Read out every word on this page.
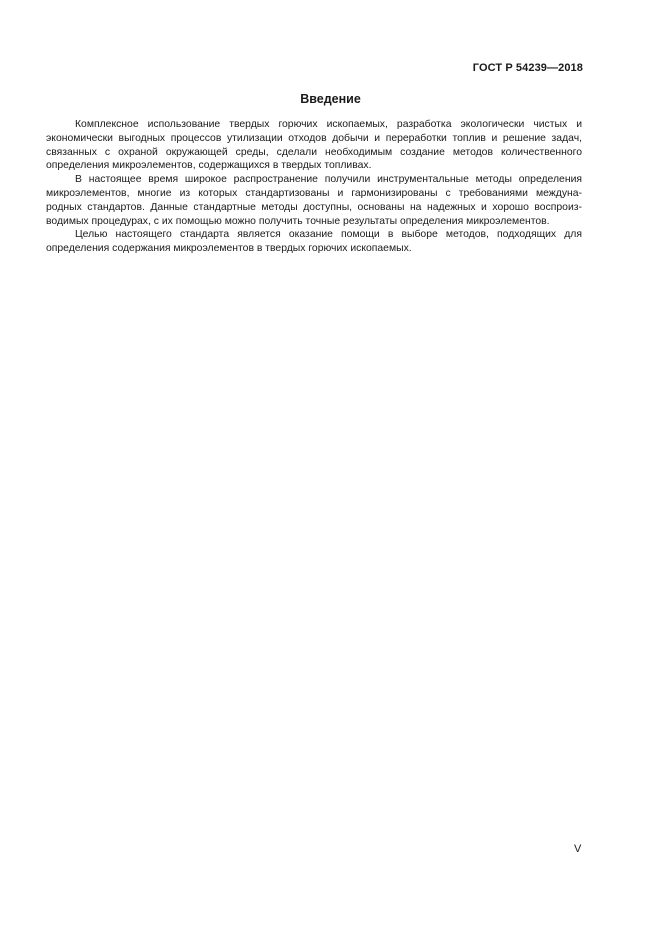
ГОСТ Р 54239—2018
Введение
Комплексное использование твердых горючих ископаемых, разработка экологически чистых и
экономически выгодных процессов утилизации отходов добычи и переработки топлив и решение задач,
связанных с охраной окружающей среды, сделали необходимым создание методов количественного
определения микроэлементов, содержащихся в твердых топливах.
В настоящее время широкое распространение получили инструментальные методы определения
микроэлементов, многие из которых стандартизованы и гармонизированы с требованиями междуна-
родных стандартов. Данные стандартные методы доступны, основаны на надежных и хорошо воспроиз-
водимых процедурах, с их помощью можно получить точные результаты определения микроэлементов.
Целью настоящего стандарта является оказание помощи в выборе методов, подходящих для
определения содержания микроэлементов в твердых горючих ископаемых.
V
